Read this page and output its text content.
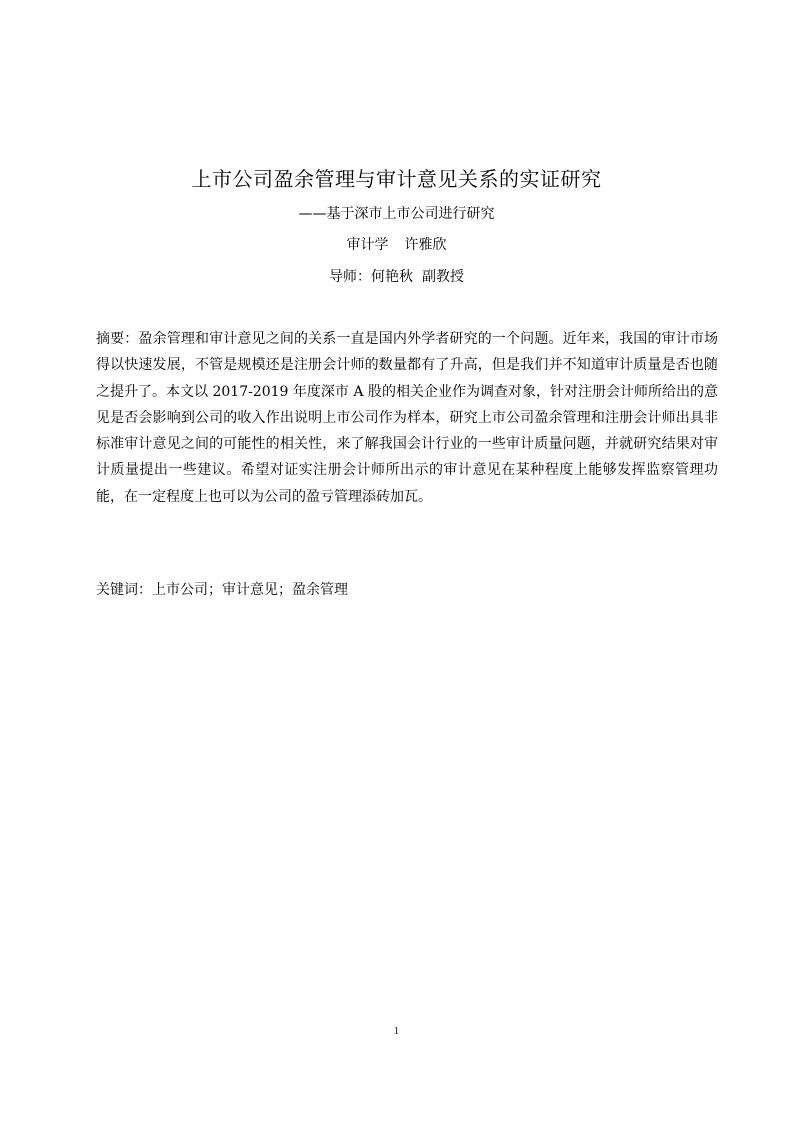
上市公司盈余管理与审计意见关系的实证研究
——基于深市上市公司进行研究
审计学 许雅欣
导师：何艳秋  副教授

摘要：盈余管理和审计意见之间的关系一直是国内外学者研究的一个问题。近年来，我国的审计市场得以快速发展，不管是规模还是注册会计师的数量都有了升高，但是我们并不知道审计质量是否也随之提升了。本文以 2017-2019 年度深市 A 股的相关企业作为调查对象，针对注册会计师所给出的意见是否会影响到公司的收入作出说明上市公司作为样本，研究上市公司盈余管理和注册会计师出具非标准审计意见之间的可能性的相关性，来了解我国会计行业的一些审计质量问题，并就研究结果对审计质量提出一些建议。希望对证实注册会计师所出示的审计意见在某种程度上能够发挥监察管理功能，在一定程度上也可以为公司的盈亏管理添砖加瓦。

关键词：上市公司；审计意见；盈余管理

1
